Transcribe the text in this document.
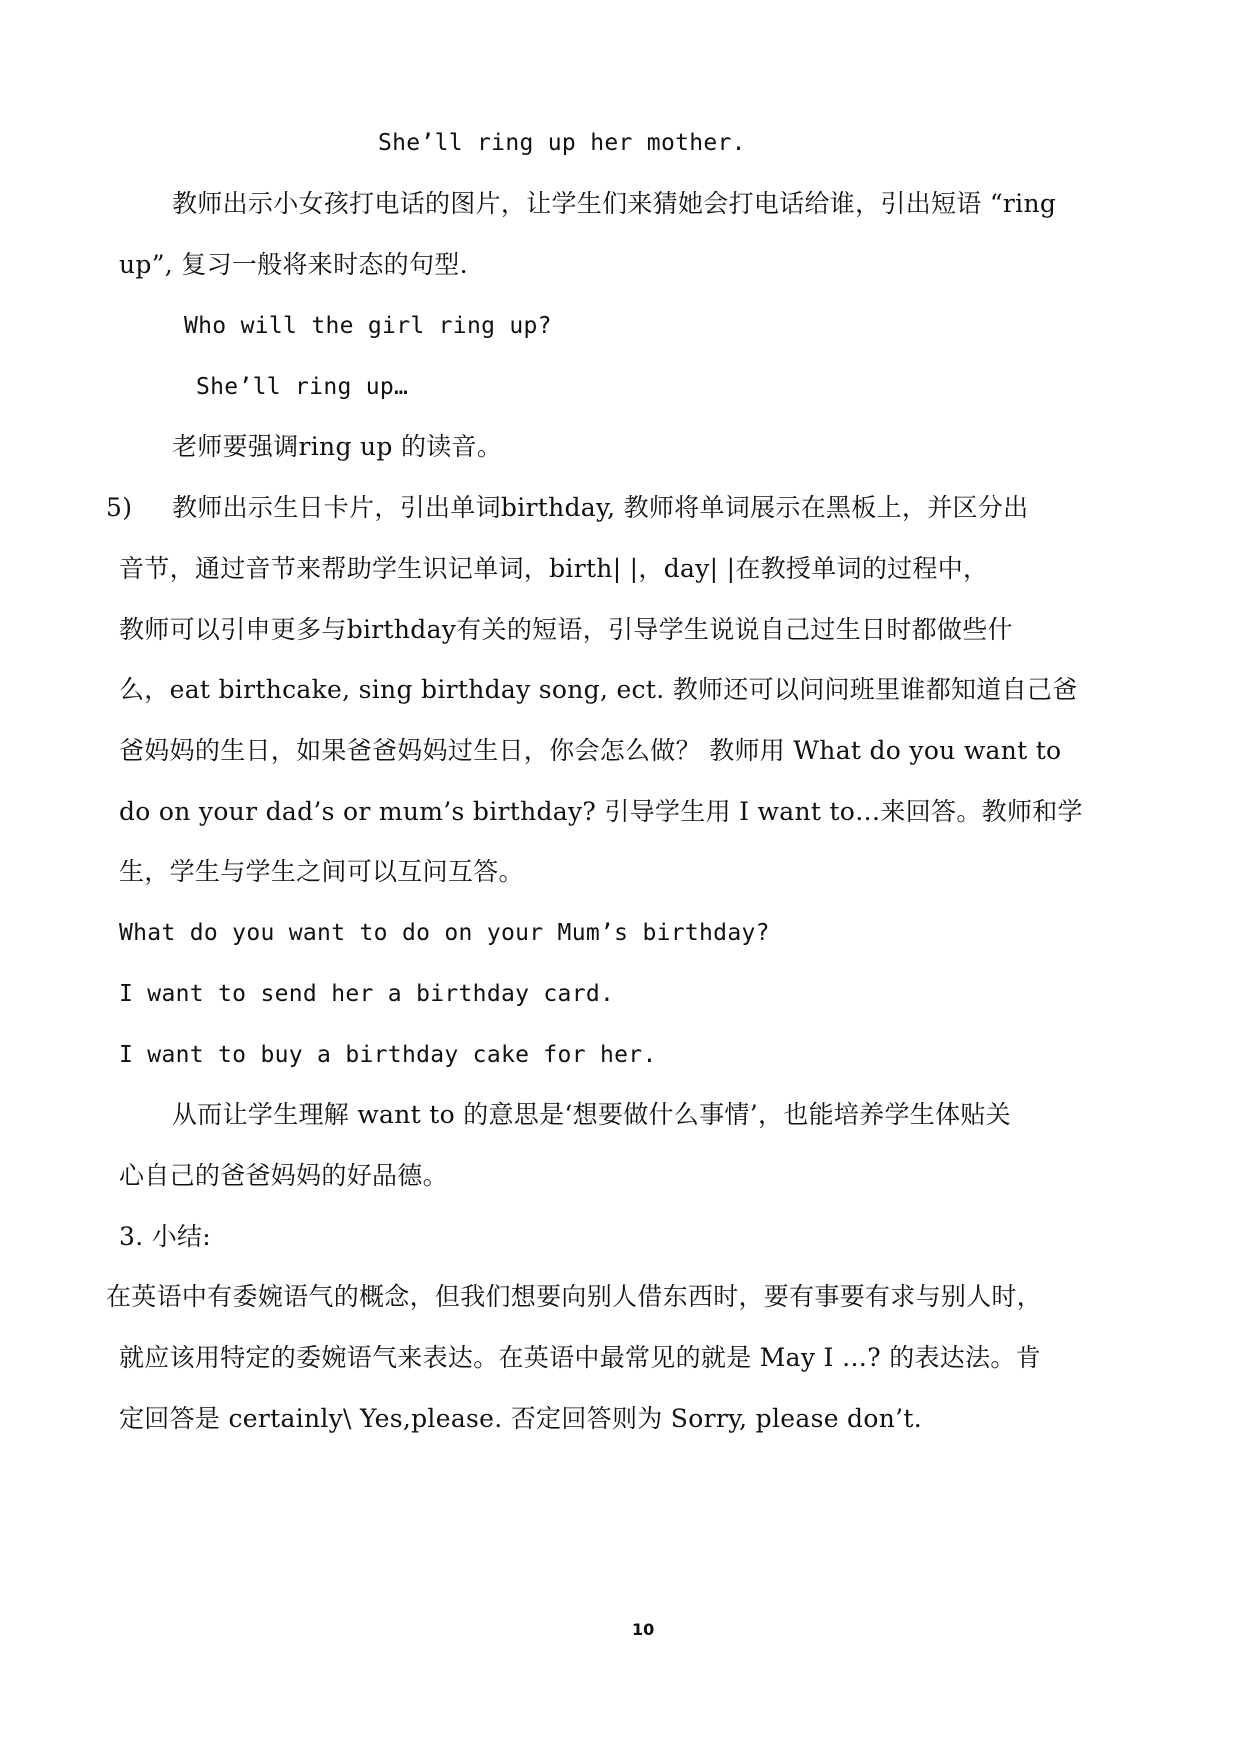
She’ll ring up her mother.
教师出示小女孩打电话的图片，让学生们来猜她会打电话给谁，引出短语 “ring
up”, 复习一般将来时态的句型.
Who will the girl ring up?
She’ll ring up…
老师要强调ring up 的读音。
5) 教师出示生日卡片，引出单词birthday, 教师将单词展示在黑板上，并区分出
音节，通过音节来帮助学生识记单词，birth| |，day| |在教授单词的过程中，
教师可以引申更多与birthday有关的短语，引导学生说说自己过生日时都做些什
么，eat birthcake, sing birthday song, ect. 教师还可以问问班里谁都知道自己爸
爸妈妈的生日，如果爸爸妈妈过生日，你会怎么做？ 教师用 What do you want to
do on your dad’s or mum’s birthday? 引导学生用 I want to…来回答。教师和学
生，学生与学生之间可以互问互答。
What do you want to do on your Mum’s birthday?
I want to send her a birthday card.
I want to buy a birthday cake for her.
从而让学生理解 want to 的意思是‘想要做什么事情’，也能培养学生体贴关
心自己的爸爸妈妈的好品德。
3. 小结:
在英语中有委婉语气的概念，但我们想要向别人借东西时，要有事要有求与别人时，
就应该用特定的委婉语气来表达。在英语中最常见的就是 May I …? 的表达法。肯
定回答是 certainly\ Yes,please. 否定回答则为 Sorry, please don’t.
10
